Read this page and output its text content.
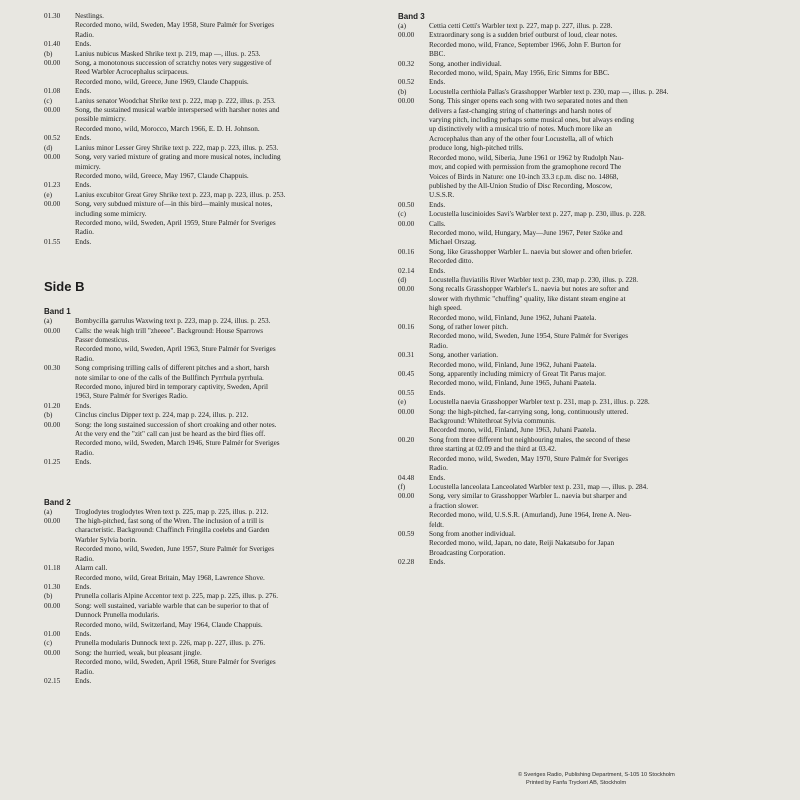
01.30	Nestlings.
Recorded mono, wild, Sweden, May 1958, Sture Palmér for Sveriges
Radio.
01.40	Ends.
(b)	Lanius nubicus Masked Shrike text p. 219, map —, illus. p. 253.
00.00	Song, a monotonous succession of scratchy notes very suggestive of
Reed Warbler Acrocephalus scirpaceus.
Recorded mono, wild, Greece, June 1969, Claude Chappuis.
01.08	Ends.
(c)	Lanius senator Woodchat Shrike text p. 222, map p. 222, illus. p. 253.
00.00	Song, the sustained musical warble interspersed with harsher notes and
possible mimicry.
Recorded mono, wild, Morocco, March 1966, E. D. H. Johnson.
00.52	Ends.
(d)	Lanius minor Lesser Grey Shrike text p. 222, map p. 223, illus. p. 253.
00.00	Song, very varied mixture of grating and more musical notes, including
mimicry.
Recorded mono, wild, Greece, May 1967, Claude Chappuis.
01.23	Ends.
(e)	Lanius excubitor Great Grey Shrike text p. 223, map p. 223, illus. p. 253.
00.00	Song, very subdued mixture of—in this bird—mainly musical notes,
including some mimicry.
Recorded mono, wild, Sweden, April 1959, Sture Palmér for Sveriges
Radio.
01.55	Ends.
Side B
Band 1
(a)	Bombycilla garrulus Waxwing text p. 223, map p. 224, illus. p. 253.
00.00	Calls: the weak high trill "zheeee". Background: House Sparrows
Passer domesticus.
Recorded mono, wild, Sweden, April 1963, Sture Palmér for Sveriges
Radio.
00.30	Song comprising trilling calls of different pitches and a short, harsh
note similar to one of the calls of the Bullfinch Pyrrhula pyrrhula.
Recorded mono, injured bird in temporary captivity, Sweden, April
1963, Sture Palmér for Sveriges Radio.
01.20	Ends.
(b)	Cinclus cinclus Dipper text p. 224, map p. 224, illus. p. 212.
00.00	Song: the long sustained succession of short croaking and other notes.
At the very end the "zit" call can just be heard as the bird flies off.
Recorded mono, wild, Sweden, March 1946, Sture Palmér for Sveriges
Radio.
01.25	Ends.
Band 2
(a)	Troglodytes troglodytes Wren text p. 225, map p. 225, illus. p. 212.
00.00	The high-pitched, fast song of the Wren. The inclusion of a trill is
characteristic. Background: Chaffinch Fringilla coelebs and Garden
Warbler Sylvia borin.
Recorded mono, wild, Sweden, June 1957, Sture Palmér for Sveriges
Radio.
01.18	Alarm call.
Recorded mono, wild, Great Britain, May 1968, Lawrence Shove.
01.30	Ends.
(b)	Prunella collaris Alpine Accentor text p. 225, map p. 225, illus. p. 276.
00.00	Song: well sustained, variable warble that can be superior to that of
Dunnock Prunella modularis.
Recorded mono, wild, Switzerland, May 1964, Claude Chappuis.
01.00	Ends.
(c)	Prunella modularis Dunnock text p. 226, map p. 227, illus. p. 276.
00.00	Song: the hurried, weak, but pleasant jingle.
Recorded mono, wild, Sweden, April 1968, Sture Palmér for Sveriges
Radio.
02.15	Ends.
Band 3
(a)	Cettia cetti Cetti's Warbler text p. 227, map p. 227, illus. p. 228.
00.00	Extraordinary song is a sudden brief outburst of loud, clear notes.
Recorded mono, wild, France, September 1966, John F. Burton for
BBC.
00.32	Song, another individual.
Recorded mono, wild, Spain, May 1956, Eric Simms for BBC.
00.52	Ends.
(b)	Locustella certhiola Pallas's Grasshopper Warbler text p. 230, map —, illus. p. 284.
00.00	Song. This singer opens each song with two separated notes and then
delivers a fast-changing string of chatterings and harsh notes of
varying pitch, including perhaps some musical ones, but always ending
up distinctively with a musical trio of notes. Much more like an
Acrocephalus than any of the other four Locustella, all of which
produce long, high-pitched trills.
Recorded mono, wild, Siberia, June 1961 or 1962 by Rudolph Nau-
mov, and copied with permission from the gramophone record The
Voices of Birds in Nature: one 10-inch 33.3 r.p.m. disc no. 14868,
published by the All-Union Studio of Disc Recording, Moscow,
U.S.S.R.
00.50	Ends.
(c)	Locustella luscinioides Savi's Warbler text p. 227, map p. 230, illus. p. 228.
00.00	Calls.
Recorded mono, wild, Hungary, May—June 1967, Peter Szöke and
Michael Orszag.
00.16	Song, like Grasshopper Warbler L. naevia but slower and often briefer.
Recorded ditto.
02.14	Ends.
(d)	Locustella fluviatilis River Warbler text p. 230, map p. 230, illus. p. 228.
00.00	Song recalls Grasshopper Warbler's L. naevia but notes are softer and
slower with rhythmic "chuffing" quality, like distant steam engine at
high speed.
Recorded mono, wild, Finland, June 1962, Juhani Paatela.
00.16	Song, of rather lower pitch.
Recorded mono, wild, Sweden, June 1954, Sture Palmér for Sveriges
Radio.
00.31	Song, another variation.
Recorded mono, wild, Finland, June 1962, Juhani Paatela.
00.45	Song, apparently including mimicry of Great Tit Parus major.
Recorded mono, wild, Finland, June 1965, Juhani Paatela.
00.55	Ends.
(e)	Locustella naevia Grasshopper Warbler text p. 231, map p. 231, illus. p. 228.
00.00	Song: the high-pitched, far-carrying song, long, continuously uttered.
Background: Whitethroat Sylvia communis.
Recorded mono, wild, Finland, June 1963, Juhani Paatela.
00.20	Song from three different but neighbouring males, the second of these
three starting at 02.09 and the third at 03.42.
Recorded mono, wild, Sweden, May 1970, Sture Palmér for Sveriges
Radio.
04.48	Ends.
(f)	Locustella lanceolata Lanceolated Warbler text p. 231, map —, illus. p. 284.
00.00	Song, very similar to Grasshopper Warbler L. naevia but sharper and
a fraction slower.
Recorded mono, wild, U.S.S.R. (Amurland), June 1964, Irene A. Neu-
feldt.
00.59	Song from another individual.
Recorded mono, wild, Japan, no date, Reiji Nakatsubo for Japan
Broadcasting Corporation.
02.28	Ends.
© Sveriges Radio, Publishing Department, S-105 10 Stockholm
Printed by Fanfa Tryckeri AB, Stockholm
